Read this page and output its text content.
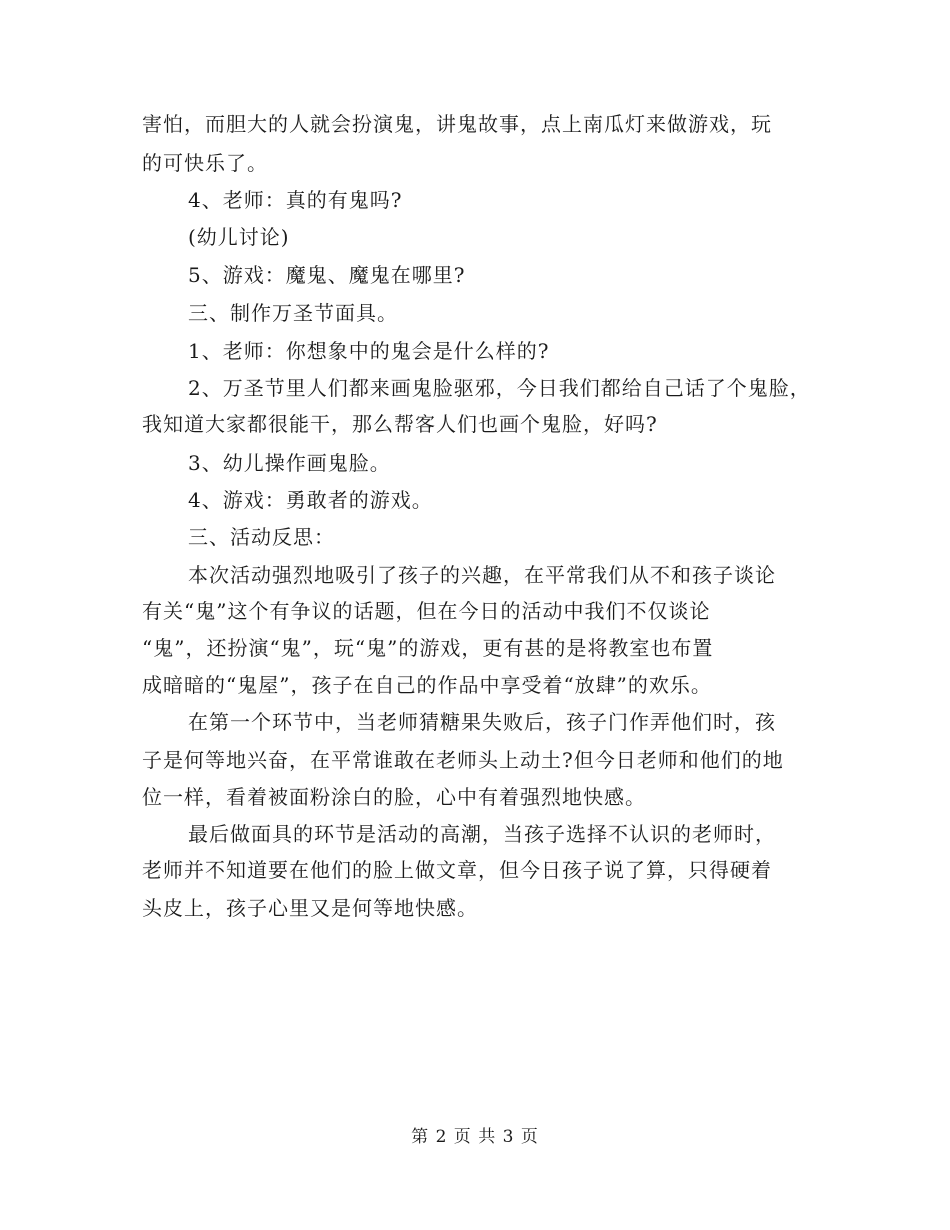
害怕，而胆大的人就会扮演鬼，讲鬼故事，点上南瓜灯来做游戏，玩
的可快乐了。
4、老师：真的有鬼吗?
(幼儿讨论)
5、游戏：魔鬼、魔鬼在哪里?
三、制作万圣节面具。
1、老师：你想象中的鬼会是什么样的?
2、万圣节里人们都来画鬼脸驱邪，今日我们都给自己话了个鬼脸，
我知道大家都很能干，那么帮客人们也画个鬼脸，好吗?
3、幼儿操作画鬼脸。
4、游戏：勇敢者的游戏。
三、活动反思：
本次活动强烈地吸引了孩子的兴趣，在平常我们从不和孩子谈论
有关“鬼”这个有争议的话题，但在今日的活动中我们不仅谈论
“鬼”，还扮演“鬼”，玩“鬼”的游戏，更有甚的是将教室也布置
成暗暗的“鬼屋”，孩子在自己的作品中享受着“放肆”的欢乐。
在第一个环节中，当老师猜糖果失败后，孩子门作弄他们时，孩
子是何等地兴奋，在平常谁敢在老师头上动土?但今日老师和他们的地
位一样，看着被面粉涂白的脸，心中有着强烈地快感。
最后做面具的环节是活动的高潮，当孩子选择不认识的老师时，
老师并不知道要在他们的脸上做文章，但今日孩子说了算，只得硬着
头皮上，孩子心里又是何等地快感。
第 2 页 共 3 页
